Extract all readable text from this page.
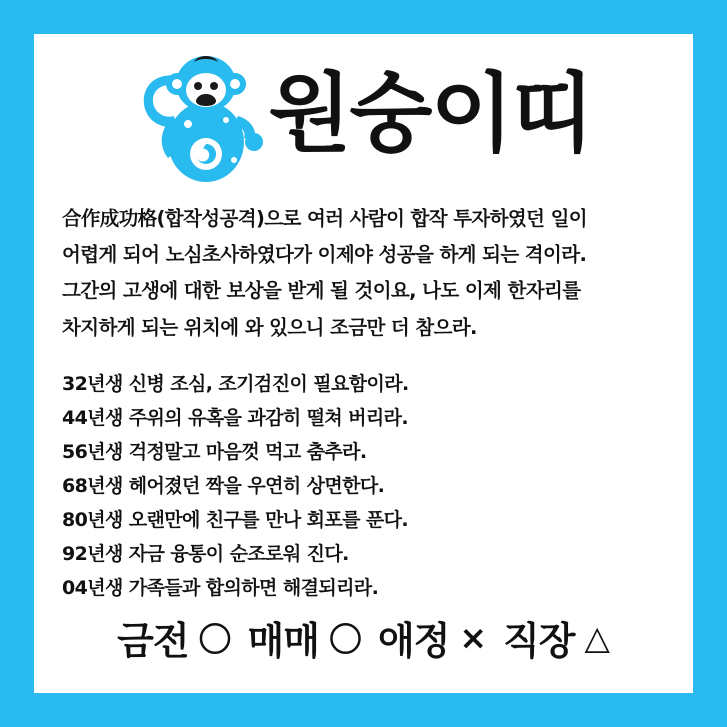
원숭이띠

合作成功格(합작성공격)으로 여러 사람이 합작 투자하였던 일이

어렵게 되어 노심초사하였다가 이제야 성공을 하게 되는 격이라.

그간의 고생에 대한 보상을 받게 될 것이요, 나도 이제 한자리를

차지하게 되는 위치에 와 있으니 조금만 더 참으라.

32년생 신병 조심, 조기검진이 필요함이라.

44년생 주위의 유혹을 과감히 떨쳐 버리라.

56년생 걱정말고 마음껏 먹고 춤추라.

68년생 헤어졌던 짝을 우연히 상면한다.

80년생 오랜만에 친구를 만나 회포를 푼다.

92년생 자금 융통이 순조로워 진다.

04년생 가족들과 합의하면 해결되리라.

금전 〇 매매 〇 애정 × 직장 △
